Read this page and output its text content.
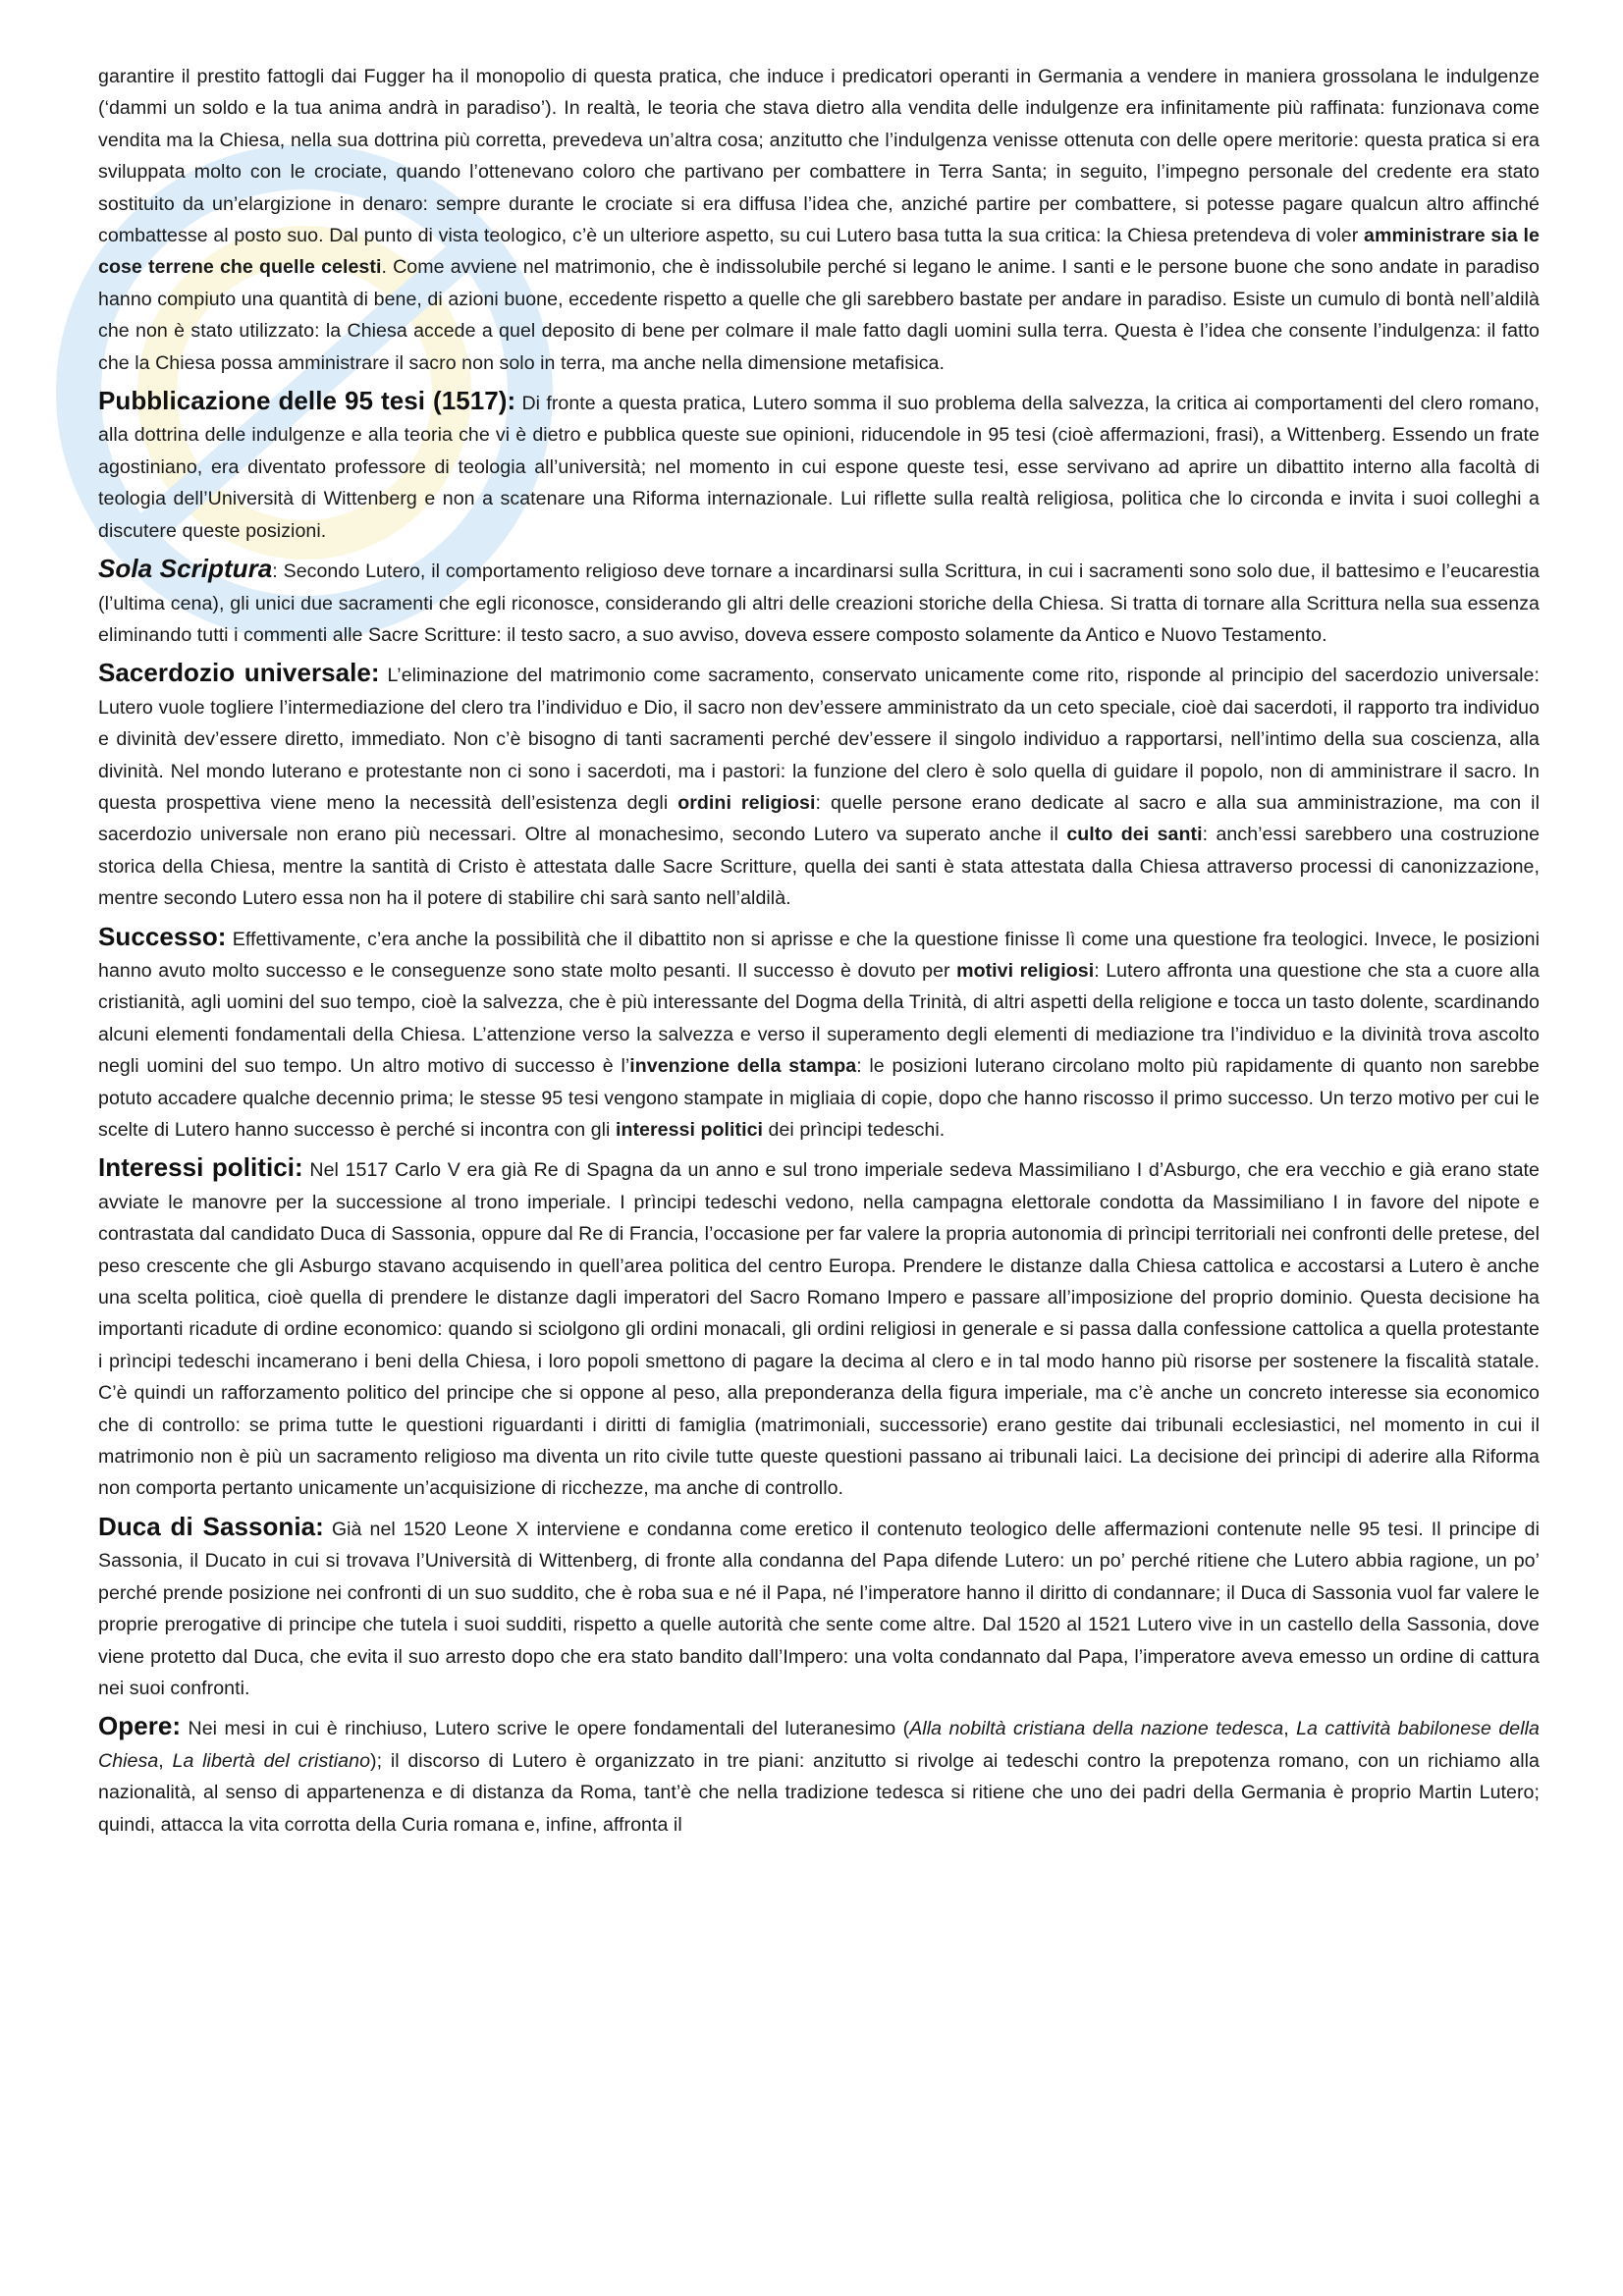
garantire il prestito fattogli dai Fugger ha il monopolio di questa pratica, che induce i predicatori operanti in Germania a vendere in maniera grossolana le indulgenze (‘dammi un soldo e la tua anima andrà in paradiso’). In realtà, le teoria che stava dietro alla vendita delle indulgenze era infinitamente più raffinata: funzionava come vendita ma la Chiesa, nella sua dottrina più corretta, prevedeva un’altra cosa; anzitutto che l’indulgenza venisse ottenuta con delle opere meritorie: questa pratica si era sviluppata molto con le crociate, quando l’ottenevano coloro che partivano per combattere in Terra Santa; in seguito, l’impegno personale del credente era stato sostituito da un’elargizione in denaro: sempre durante le crociate si era diffusa l’idea che, anziché partire per combattere, si potesse pagare qualcun altro affinché combattesse al posto suo. Dal punto di vista teologico, c’è un ulteriore aspetto, su cui Lutero basa tutta la sua critica: la Chiesa pretendeva di voler amministrare sia le cose terrene che quelle celesti. Come avviene nel matrimonio, che è indissolubile perché si legano le anime. I santi e le persone buone che sono andate in paradiso hanno compiuto una quantità di bene, di azioni buone, eccedente rispetto a quelle che gli sarebbero bastate per andare in paradiso. Esiste un cumulo di bontà nell’aldilà che non è stato utilizzato: la Chiesa accede a quel deposito di bene per colmare il male fatto dagli uomini sulla terra. Questa è l’idea che consente l’indulgenza: il fatto che la Chiesa possa amministrare il sacro non solo in terra, ma anche nella dimensione metafisica.

Pubblicazione delle 95 tesi (1517): Di fronte a questa pratica, Lutero somma il suo problema della salvezza, la critica ai comportamenti del clero romano, alla dottrina delle indulgenze e alla teoria che vi è dietro e pubblica queste sue opinioni, riducendole in 95 tesi (cioè affermazioni, frasi), a Wittenberg. Essendo un frate agostiniano, era diventato professore di teologia all’università; nel momento in cui espone queste tesi, esse servivano ad aprire un dibattito interno alla facoltà di teologia dell’Università di Wittenberg e non a scatenare una Riforma internazionale. Lui riflette sulla realtà religiosa, politica che lo circonda e invita i suoi colleghi a discutere queste posizioni.

Sola Scriptura: Secondo Lutero, il comportamento religioso deve tornare a incardinarsi sulla Scrittura, in cui i sacramenti sono solo due, il battesimo e l’eucarestia (l’ultima cena), gli unici due sacramenti che egli riconosce, considerando gli altri delle creazioni storiche della Chiesa. Si tratta di tornare alla Scrittura nella sua essenza eliminando tutti i commenti alle Sacre Scritture: il testo sacro, a suo avviso, doveva essere composto solamente da Antico e Nuovo Testamento.

Sacerdozio universale: L’eliminazione del matrimonio come sacramento, conservato unicamente come rito, risponde al principio del sacerdozio universale: Lutero vuole togliere l’intermediazione del clero tra l’individuo e Dio, il sacro non dev’essere amministrato da un ceto speciale, cioè dai sacerdoti, il rapporto tra individuo e divinità dev’essere diretto, immediato. Non c’è bisogno di tanti sacramenti perché dev’essere il singolo individuo a rapportarsi, nell’intimo della sua coscienza, alla divinità. Nel mondo luterano e protestante non ci sono i sacerdoti, ma i pastori: la funzione del clero è solo quella di guidare il popolo, non di amministrare il sacro. In questa prospettiva viene meno la necessità dell’esistenza degli ordini religiosi: quelle persone erano dedicate al sacro e alla sua amministrazione, ma con il sacerdozio universale non erano più necessari. Oltre al monachesimo, secondo Lutero va superato anche il culto dei santi: anch’essi sarebbero una costruzione storica della Chiesa, mentre la santità di Cristo è attestata dalle Sacre Scritture, quella dei santi è stata attestata dalla Chiesa attraverso processi di canonizzazione, mentre secondo Lutero essa non ha il potere di stabilire chi sarà santo nell’aldilà.

Successo: Effettivamente, c’era anche la possibilità che il dibattito non si aprisse e che la questione finisse lì come una questione fra teologici. Invece, le posizioni hanno avuto molto successo e le conseguenze sono state molto pesanti. Il successo è dovuto per motivi religiosi: Lutero affronta una questione che sta a cuore alla cristianità, agli uomini del suo tempo, cioè la salvezza, che è più interessante del Dogma della Trinità, di altri aspetti della religione e tocca un tasto dolente, scardinando alcuni elementi fondamentali della Chiesa. L’attenzione verso la salvezza e verso il superamento degli elementi di mediazione tra l’individuo e la divinità trova ascolto negli uomini del suo tempo. Un altro motivo di successo è l’invenzione della stampa: le posizioni luterano circolano molto più rapidamente di quanto non sarebbe potuto accadere qualche decennio prima; le stesse 95 tesi vengono stampate in migliaia di copie, dopo che hanno riscosso il primo successo. Un terzo motivo per cui le scelte di Lutero hanno successo è perché si incontra con gli interessi politici dei prìncipi tedeschi.

Interessi politici: Nel 1517 Carlo V era già Re di Spagna da un anno e sul trono imperiale sedeva Massimiliano I d’Asburgo, che era vecchio e già erano state avviate le manovre per la successione al trono imperiale. I prìncipi tedeschi vedono, nella campagna elettorale condotta da Massimiliano I in favore del nipote e contrastata dal candidato Duca di Sassonia, oppure dal Re di Francia, l’occasione per far valere la propria autonomia di prìncipi territoriali nei confronti delle pretese, del peso crescente che gli Asburgo stavano acquisendo in quell’area politica del centro Europa. Prendere le distanze dalla Chiesa cattolica e accostarsi a Lutero è anche una scelta politica, cioè quella di prendere le distanze dagli imperatori del Sacro Romano Impero e passare all’imposizione del proprio dominio. Questa decisione ha importanti ricadute di ordine economico: quando si sciolgono gli ordini monacali, gli ordini religiosi in generale e si passa dalla confessione cattolica a quella protestante i prìncipi tedeschi incamerano i beni della Chiesa, i loro popoli smettono di pagare la decima al clero e in tal modo hanno più risorse per sostenere la fiscalità statale. C’è quindi un rafforzamento politico del principe che si oppone al peso, alla preponderanza della figura imperiale, ma c’è anche un concreto interesse sia economico che di controllo: se prima tutte le questioni riguardanti i diritti di famiglia (matrimoniali, successorie) erano gestite dai tribunali ecclesiastici, nel momento in cui il matrimonio non è più un sacramento religioso ma diventa un rito civile tutte queste questioni passano ai tribunali laici. La decisione dei prìncipi di aderire alla Riforma non comporta pertanto unicamente un’acquisizione di ricchezze, ma anche di controllo.

Duca di Sassonia: Già nel 1520 Leone X interviene e condanna come eretico il contenuto teologico delle affermazioni contenute nelle 95 tesi. Il principe di Sassonia, il Ducato in cui si trovava l’Università di Wittenberg, di fronte alla condanna del Papa difende Lutero: un po’ perché ritiene che Lutero abbia ragione, un po’ perché prende posizione nei confronti di un suo suddito, che è roba sua e né il Papa, né l’imperatore hanno il diritto di condannare; il Duca di Sassonia vuol far valere le proprie prerogative di principe che tutela i suoi sudditi, rispetto a quelle autorità che sente come altre. Dal 1520 al 1521 Lutero vive in un castello della Sassonia, dove viene protetto dal Duca, che evita il suo arresto dopo che era stato bandito dall’Impero: una volta condannato dal Papa, l’imperatore aveva emesso un ordine di cattura nei suoi confronti.

Opere: Nei mesi in cui è rinchiuso, Lutero scrive le opere fondamentali del luteranesimo (Alla nobiltà cristiana della nazione tedesca, La cattività babilonese della Chiesa, La libertà del cristiano); il discorso di Lutero è organizzato in tre piani: anzitutto si rivolge ai tedeschi contro la prepotenza romano, con un richiamo alla nazionalità, al senso di appartenenza e di distanza da Roma, tant’è che nella tradizione tedesca si ritiene che uno dei padri della Germania è proprio Martin Lutero; quindi, attacca la vita corrotta della Curia romana e, infine, affronta il
